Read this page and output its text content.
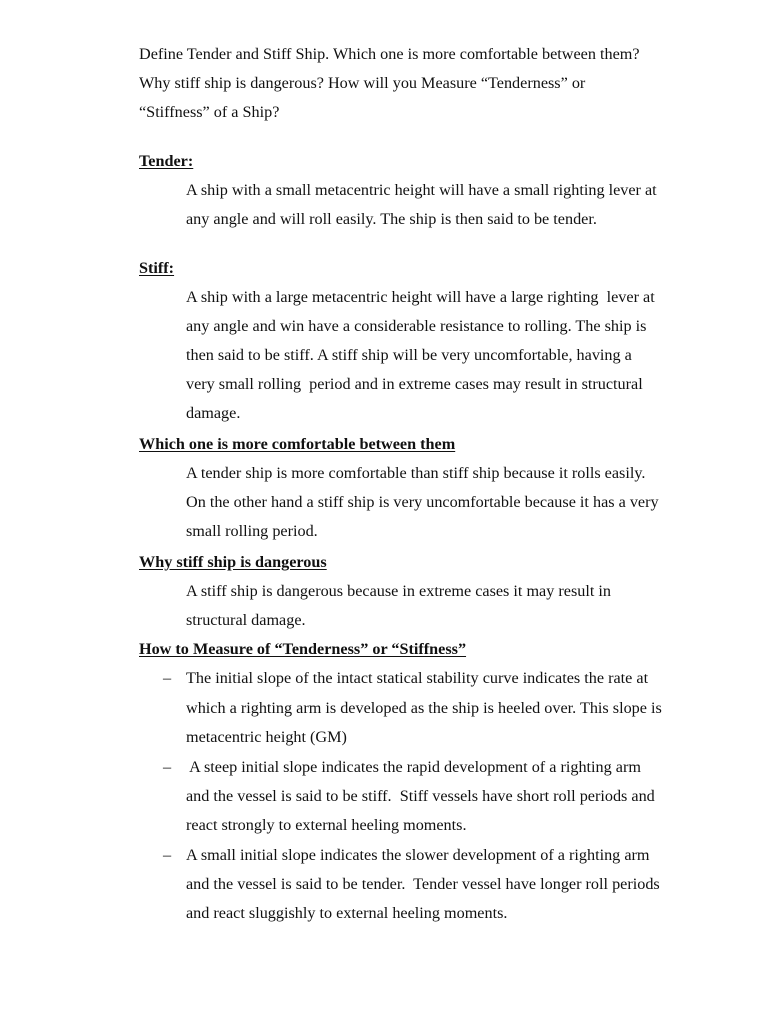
Define Tender and Stiff Ship. Which one is more comfortable between them?
Why stiff ship is dangerous? How will you Measure “Tenderness” or
“Stiffness” of a Ship?
Tender:
A ship with a small metacentric height will have a small righting lever at
any angle and will roll easily. The ship is then said to be tender.
Stiff:
A ship with a large metacentric height will have a large righting  lever at
any angle and win have a considerable resistance to rolling. The ship is
then said to be stiff. A stiff ship will be very uncomfortable, having a
very small rolling  period and in extreme cases may result in structural
damage.
Which one is more comfortable between them
A tender ship is more comfortable than stiff ship because it rolls easily.
On the other hand a stiff ship is very uncomfortable because it has a very
small rolling period.
Why stiff ship is dangerous
A stiff ship is dangerous because in extreme cases it may result in
structural damage.
How to Measure of “Tenderness” or “Stiffness”
– The initial slope of the intact statical stability curve indicates the rate at
which a righting arm is developed as the ship is heeled over. This slope is
metacentric height (GM)
– A steep initial slope indicates the rapid development of a righting arm
and the vessel is said to be stiff.  Stiff vessels have short roll periods and
react strongly to external heeling moments.
– A small initial slope indicates the slower development of a righting arm
and the vessel is said to be tender.  Tender vessel have longer roll periods
and react sluggishly to external heeling moments.
